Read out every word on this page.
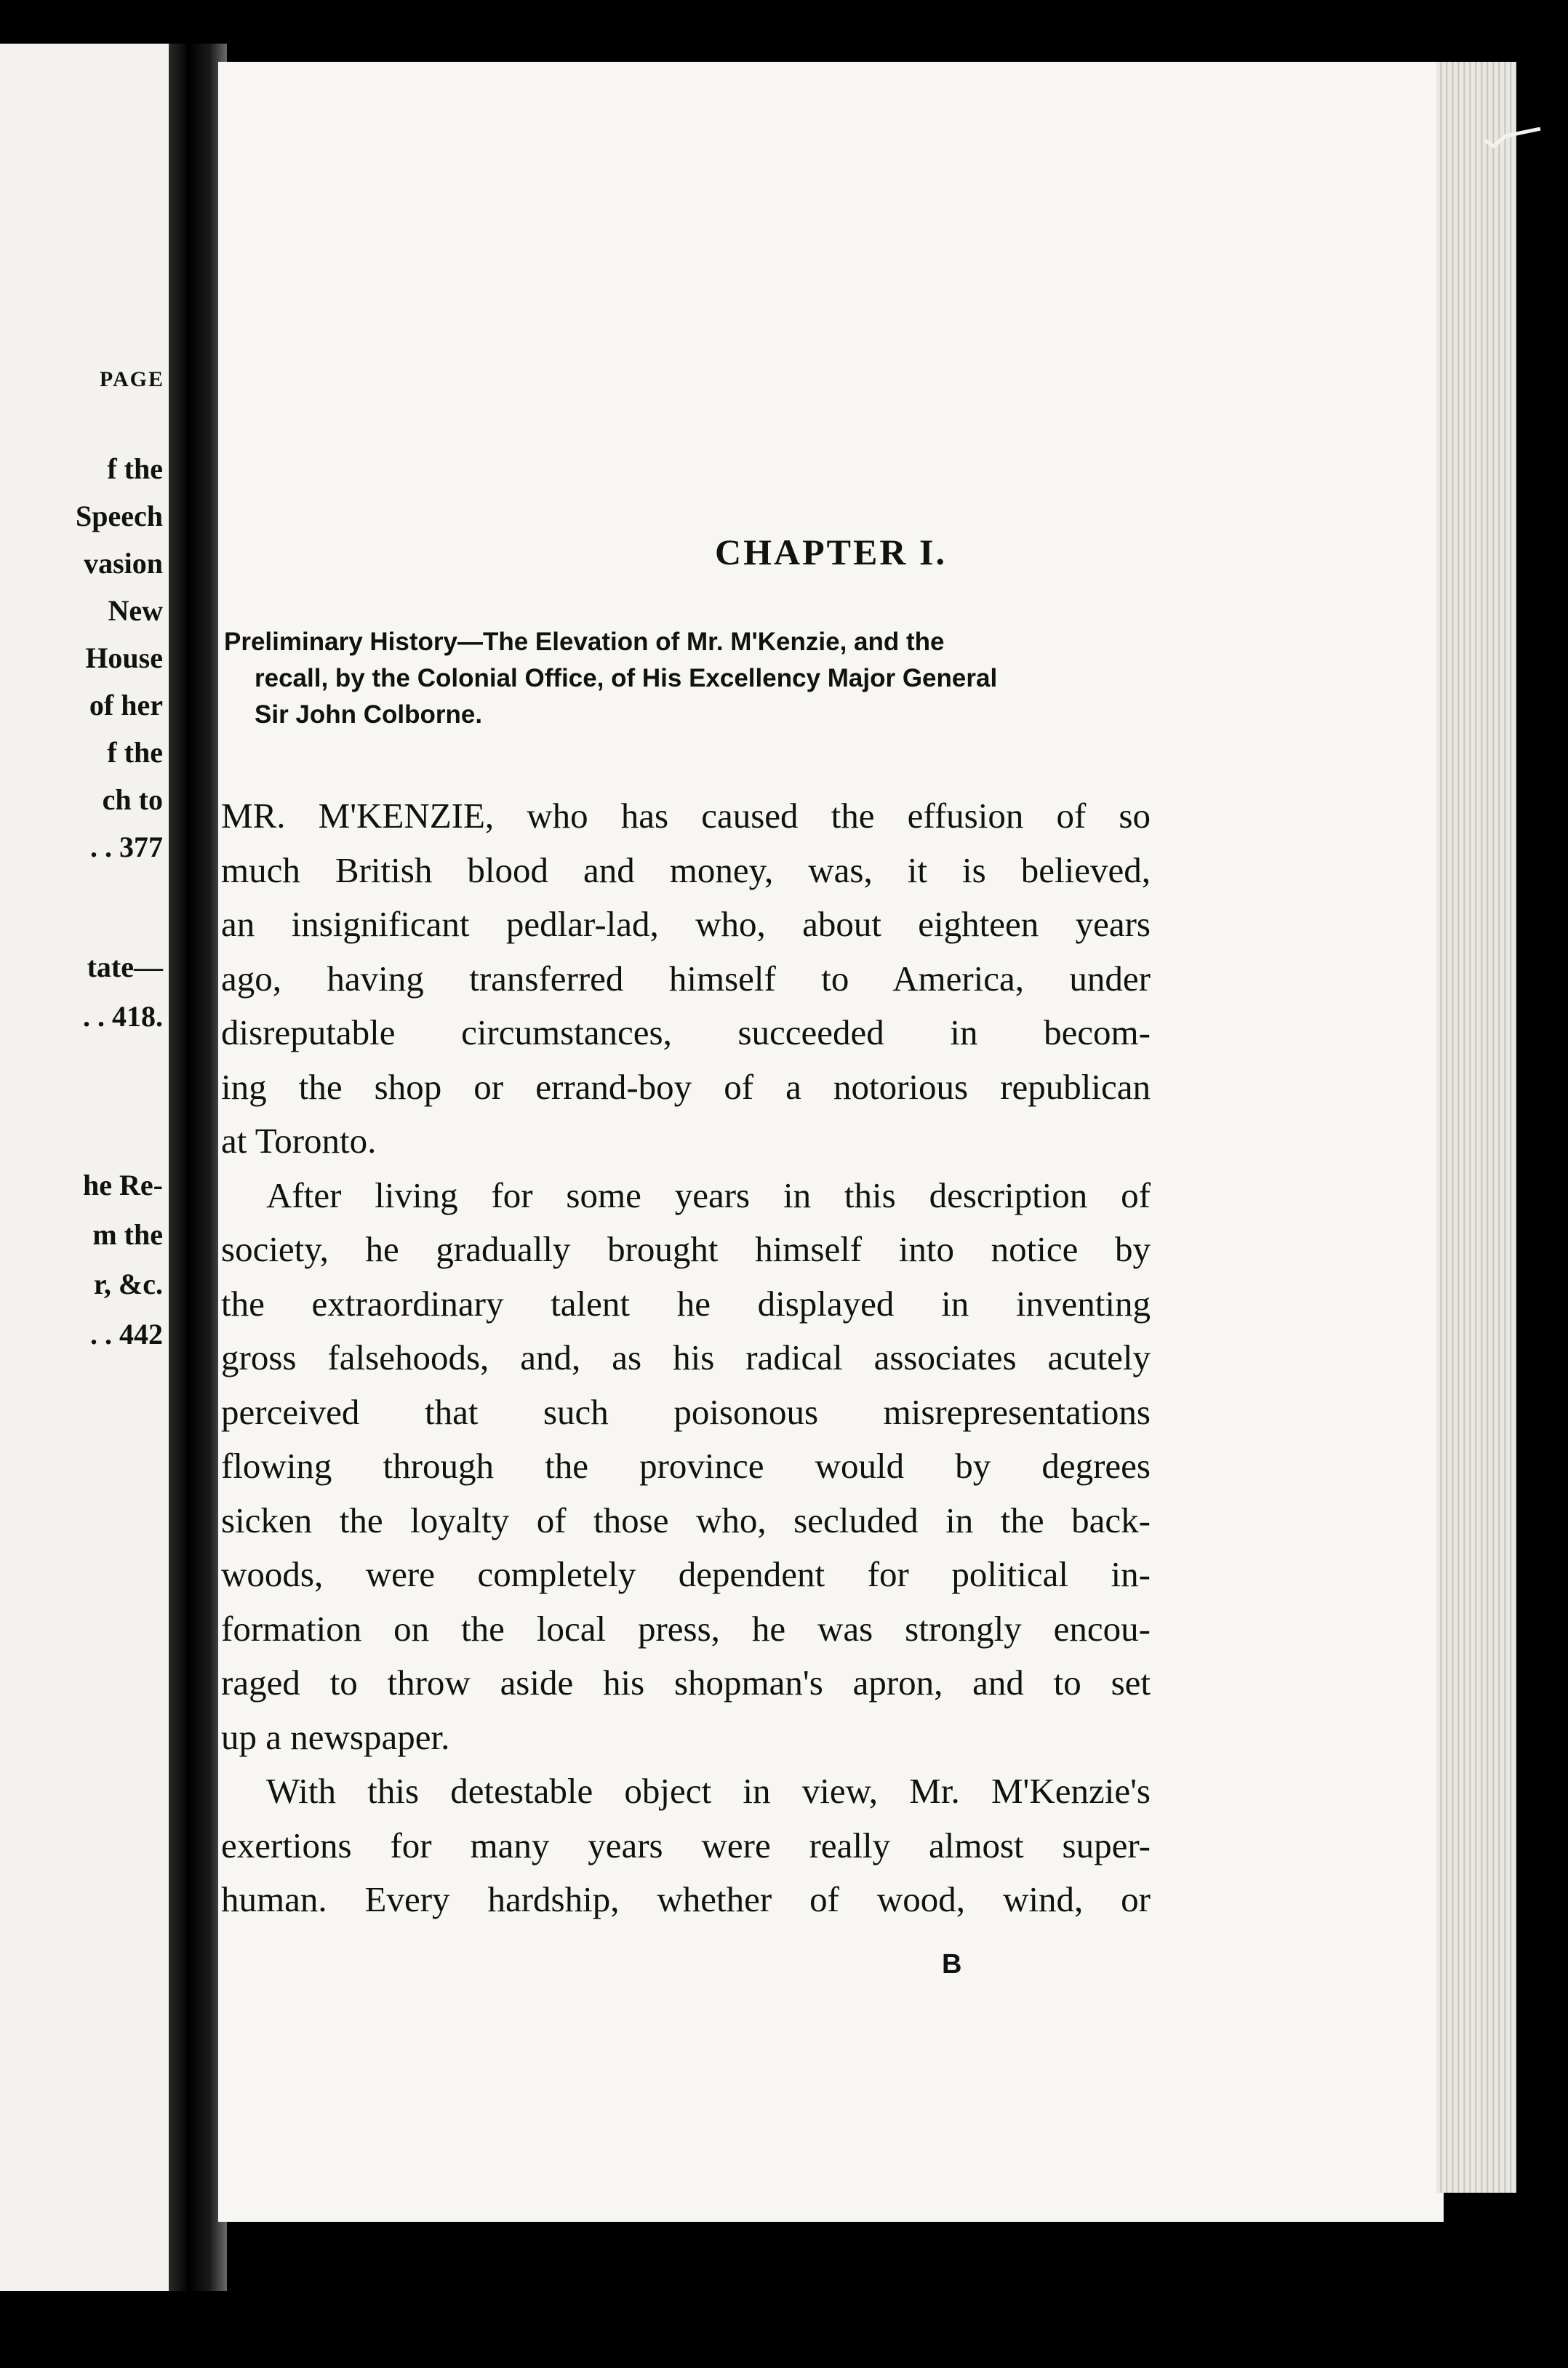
PAGE
f the
Speech
vasion
New
House
of her
f the
ch to
. . 377
tate—
. . 418.
he Re-
m the
r, &c.
. . 442
CHAPTER I.
Preliminary History—The Elevation of Mr. M'Kenzie, and the
recall, by the Colonial Office, of His Excellency Major General
Sir John Colborne.
MR. M'KENZIE, who has caused the effusion of so
much British blood and money, was, it is believed,
an insignificant pedlar-lad, who, about eighteen years
ago, having transferred himself to America, under
disreputable circumstances, succeeded in becom-
ing the shop or errand-boy of a notorious republican
at Toronto.
After living for some years in this description of
society, he gradually brought himself into notice by
the extraordinary talent he displayed in inventing
gross falsehoods, and, as his radical associates acutely
perceived that such poisonous misrepresentations
flowing through the province would by degrees
sicken the loyalty of those who, secluded in the back-
woods, were completely dependent for political in-
formation on the local press, he was strongly encou-
raged to throw aside his shopman's apron, and to set
up a newspaper.
With this detestable object in view, Mr. M'Kenzie's
exertions for many years were really almost super-
human. Every hardship, whether of wood, wind, or
B
